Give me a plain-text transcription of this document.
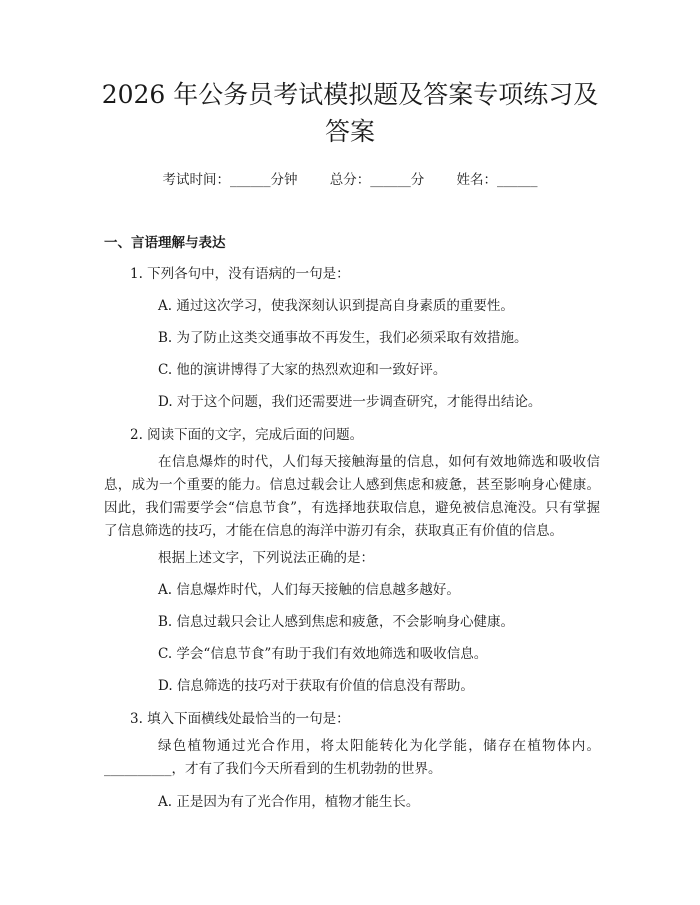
2026 年公务员考试模拟题及答案专项练习及
答案
考试时间：______分钟 总分：______分 姓名：______
一、言语理解与表达
1. 下列各句中，没有语病的一句是：
A. 通过这次学习，使我深刻认识到提高自身素质的重要性。
B. 为了防止这类交通事故不再发生，我们必须采取有效措施。
C. 他的演讲博得了大家的热烈欢迎和一致好评。
D. 对于这个问题，我们还需要进一步调查研究，才能得出结论。
2. 阅读下面的文字，完成后面的问题。
在信息爆炸的时代，人们每天接触海量的信息，如何有效地筛选和吸收信息，成为一个重要的能力。信息过载会让人感到焦虑和疲惫，甚至影响身心健康。因此，我们需要学会“信息节食”，有选择地获取信息，避免被信息淹没。只有掌握了信息筛选的技巧，才能在信息的海洋中游刃有余，获取真正有价值的信息。
根据上述文字，下列说法正确的是：
A. 信息爆炸时代，人们每天接触的信息越多越好。
B. 信息过载只会让人感到焦虑和疲惫，不会影响身心健康。
C. 学会“信息节食”有助于我们有效地筛选和吸收信息。
D. 信息筛选的技巧对于获取有价值的信息没有帮助。
3. 填入下面横线处最恰当的一句是：
绿色植物通过光合作用，将太阳能转化为化学能，储存在植物体内。__________，才有了我们今天所看到的生机勃勃的世界。
A. 正是因为有了光合作用，植物才能生长。
